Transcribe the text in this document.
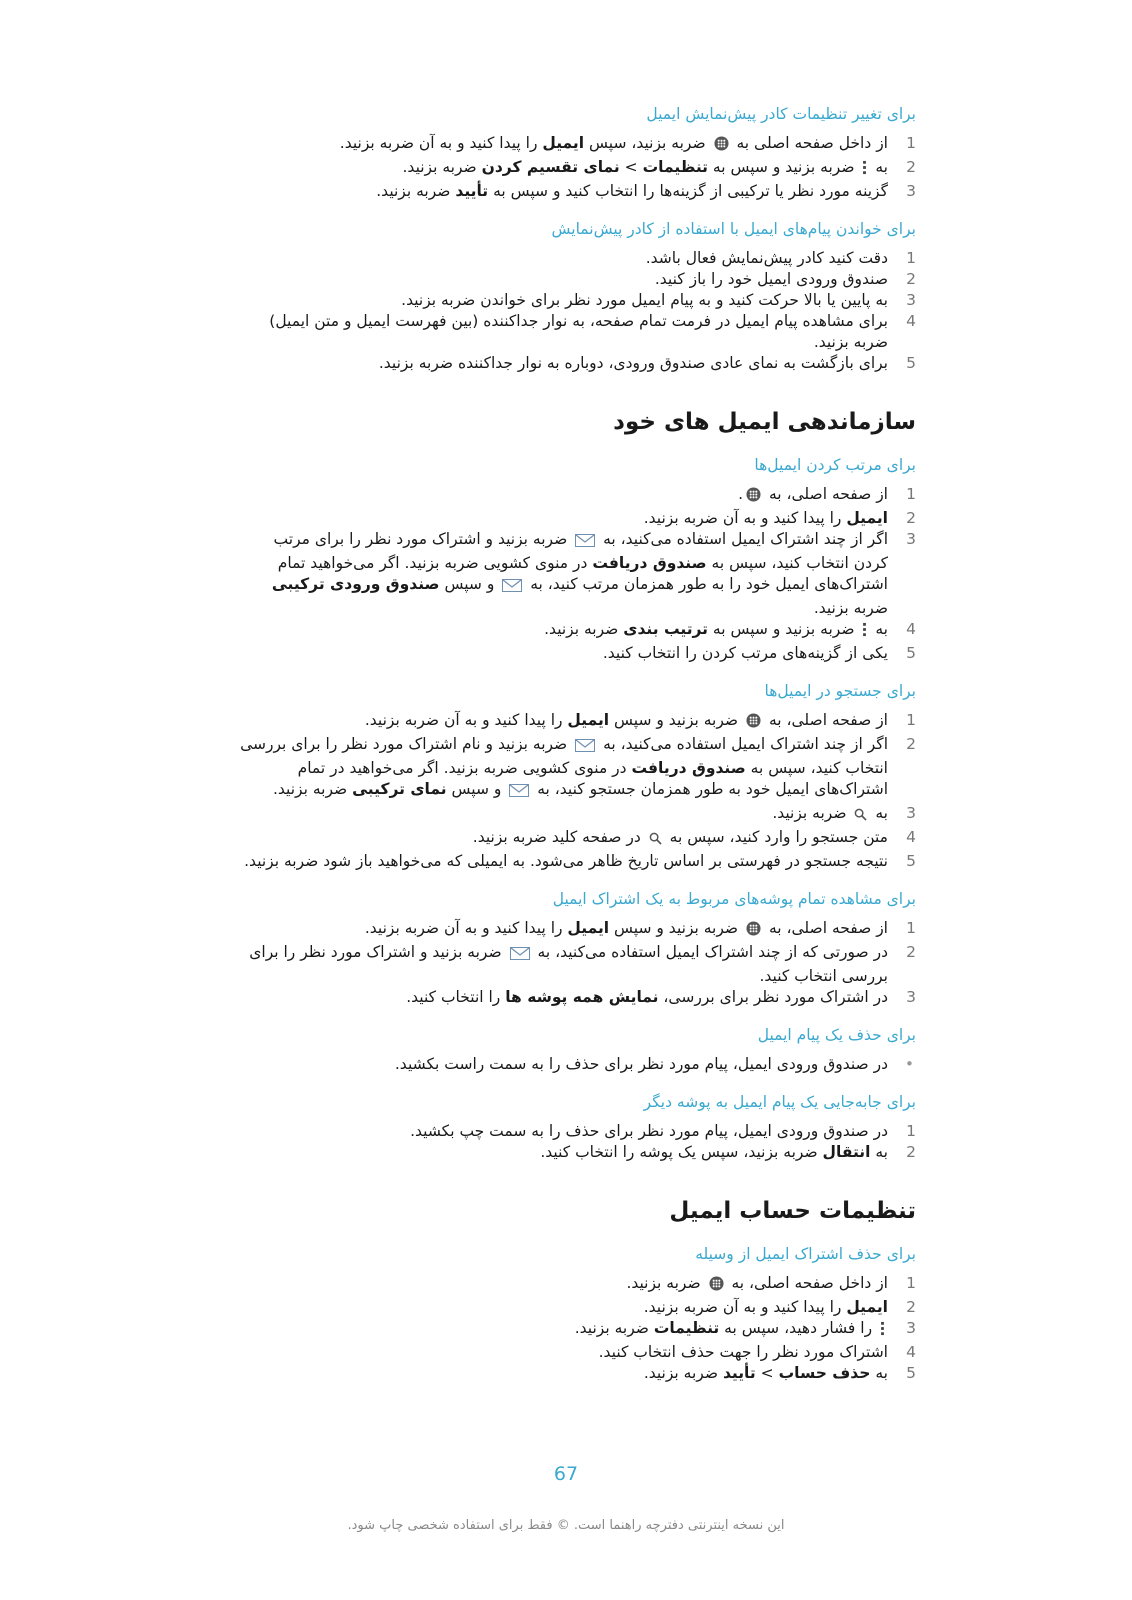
برای تغییر تنظیمات کادر پیش‌نمایش ایمیل
1
از داخل صفحه اصلی به  ضربه بزنید، سپس ایمیل را پیدا کنید و به آن ضربه بزنید.
2
به  ضربه بزنید و سپس به تنظیمات > نمای تقسیم کردن ضربه بزنید.
3
گزینه مورد نظر یا ترکیبی از گزینه‌ها را انتخاب کنید و سپس به تأیید ضربه بزنید.
برای خواندن پیام‌های ایمیل با استفاده از کادر پیش‌نمایش
1
دقت کنید کادر پیش‌نمایش فعال باشد.
2
صندوق ورودی ایمیل خود را باز کنید.
3
به پایین یا بالا حرکت کنید و به پیام ایمیل مورد نظر برای خواندن ضربه بزنید.
4
برای مشاهده پیام ایمیل در فرمت تمام صفحه، به نوار جداکننده (بین فهرست ایمیل و متن ایمیل) ضربه بزنید.
5
برای بازگشت به نمای عادی صندوق ورودی، دوباره به نوار جداکننده ضربه بزنید.
سازماندهی ایمیل های خود
برای مرتب کردن ایمیل‌ها
1
از صفحه اصلی، به .
2
ایمیل را پیدا کنید و به آن ضربه بزنید.
3
اگر از چند اشتراک ایمیل استفاده می‌کنید، به  ضربه بزنید و اشتراک مورد نظر را برای مرتب کردن انتخاب کنید، سپس به صندوق دریافت در منوی کشویی ضربه بزنید. اگر می‌خواهید تمام اشتراک‌های ایمیل خود را به طور همزمان مرتب کنید، به  و سپس صندوق ورودی ترکیبی ضربه بزنید.
4
به  ضربه بزنید و سپس به ترتیب بندی ضربه بزنید.
5
یکی از گزینه‌های مرتب کردن را انتخاب کنید.
برای جستجو در ایمیل‌ها
1
از صفحه اصلی، به  ضربه بزنید و سپس ایمیل را پیدا کنید و به آن ضربه بزنید.
2
اگر از چند اشتراک ایمیل استفاده می‌کنید، به  ضربه بزنید و نام اشتراک مورد نظر را برای بررسی انتخاب کنید، سپس به صندوق دریافت در منوی کشویی ضربه بزنید. اگر می‌خواهید در تمام اشتراک‌های ایمیل خود به طور همزمان جستجو کنید، به  و سپس نمای ترکیبی ضربه بزنید.
3
به  ضربه بزنید.
4
متن جستجو را وارد کنید، سپس به  در صفحه کلید ضربه بزنید.
5
نتیجه جستجو در فهرستی بر اساس تاریخ ظاهر می‌شود. به ایمیلی که می‌خواهید باز شود ضربه بزنید.
برای مشاهده تمام پوشه‌های مربوط به یک اشتراک ایمیل
1
از صفحه اصلی، به  ضربه بزنید و سپس ایمیل را پیدا کنید و به آن ضربه بزنید.
2
در صورتی که از چند اشتراک ایمیل استفاده می‌کنید، به  ضربه بزنید و اشتراک مورد نظر را برای بررسی انتخاب کنید.
3
در اشتراک مورد نظر برای بررسی، نمایش همه پوشه ها را انتخاب کنید.
برای حذف یک پیام ایمیل
•
در صندوق ورودی ایمیل، پیام مورد نظر برای حذف را به سمت راست بکشید.
برای جابه‌جایی یک پیام ایمیل به پوشه دیگر
1
در صندوق ورودی ایمیل، پیام مورد نظر برای حذف را به سمت چپ بکشید.
2
به انتقال ضربه بزنید، سپس یک پوشه را انتخاب کنید.
تنظیمات حساب ایمیل
برای حذف اشتراک ایمیل از وسیله
1
از داخل صفحه اصلی، به  ضربه بزنید.
2
ایمیل را پیدا کنید و به آن ضربه بزنید.
3
را فشار دهید، سپس به تنظیمات ضربه بزنید.
4
اشتراک مورد نظر را جهت حذف انتخاب کنید.
5
به حذف حساب > تأیید ضربه بزنید.
67
این نسخه اینترنتی دفترچه راهنما است. © فقط برای استفاده شخصی چاپ شود.
